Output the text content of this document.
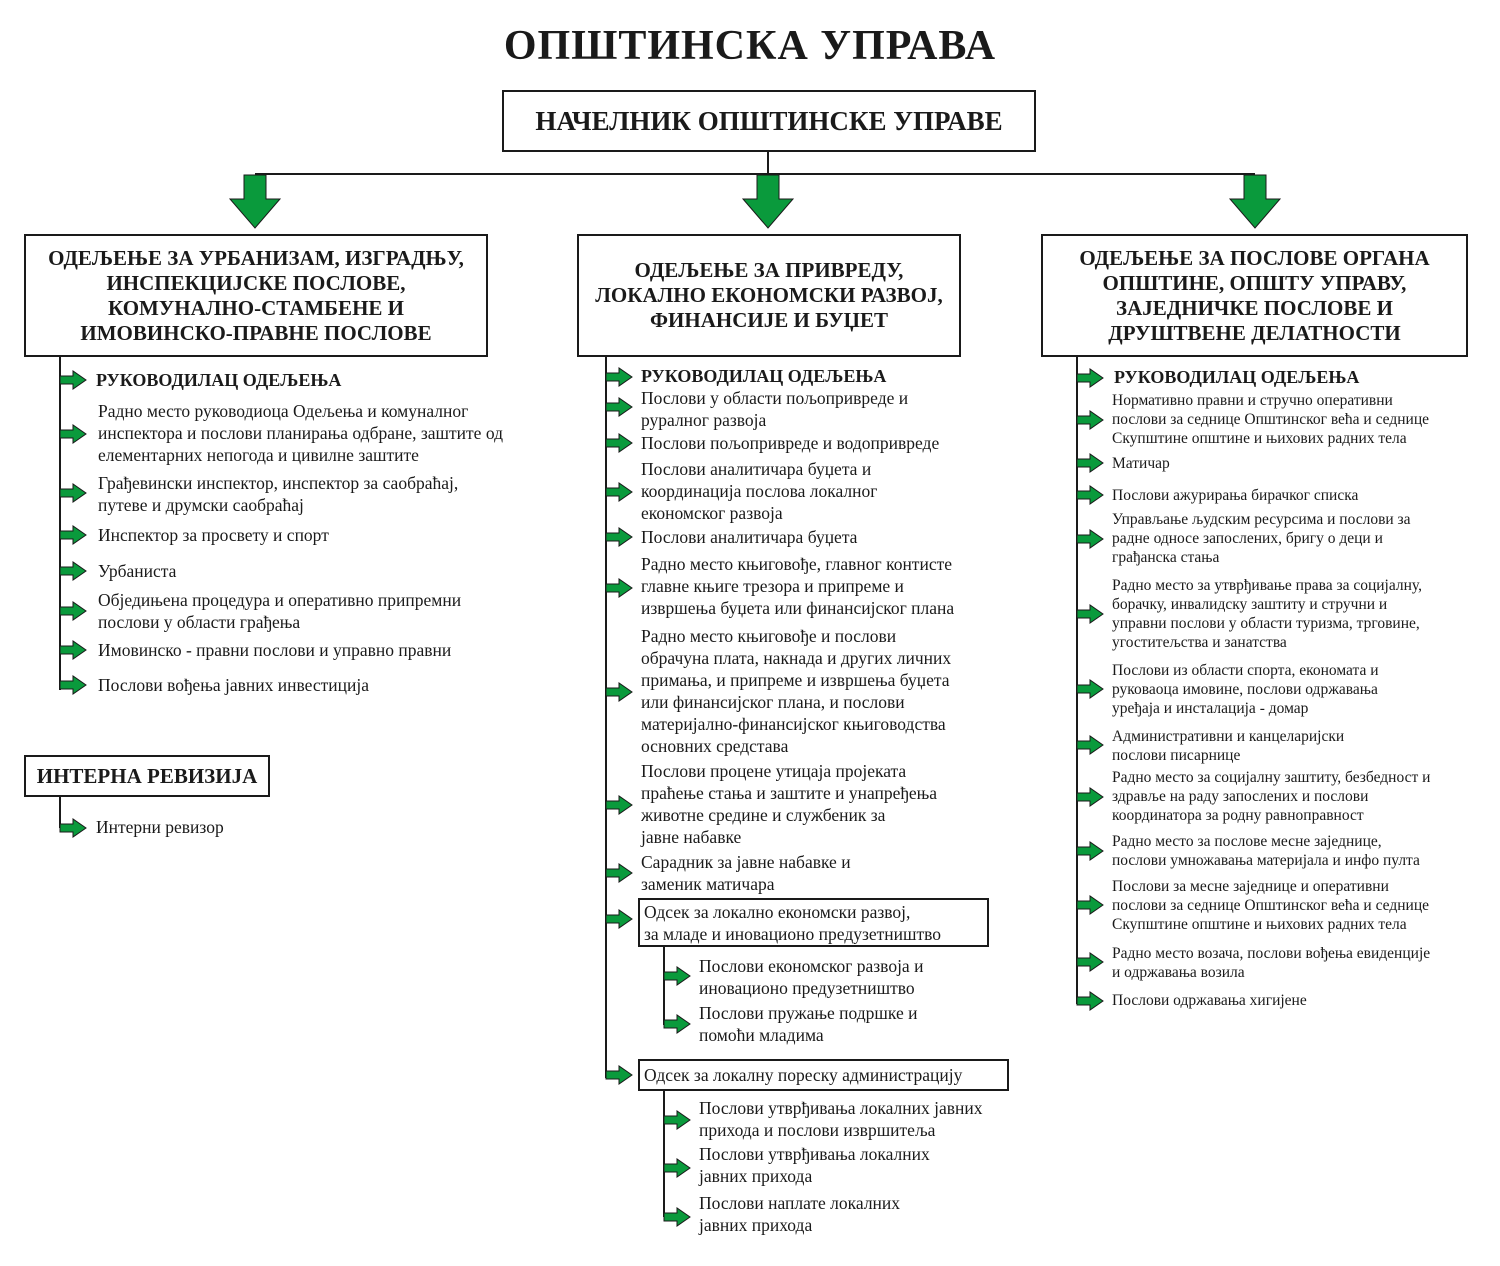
ОПШТИНСКА УПРАВА
НАЧЕЛНИК ОПШТИНСКЕ УПРАВЕ
ОДЕЉЕЊЕ ЗА УРБАНИЗАМ, ИЗГРАДЊУ,
ИНСПЕКЦИЈСКЕ ПОСЛОВЕ,
КОМУНАЛНО-СТАМБЕНЕ И
ИМОВИНСКО-ПРАВНЕ ПОСЛОВЕ
ОДЕЉЕЊЕ ЗА ПРИВРЕДУ,
ЛОКАЛНО ЕКОНОМСКИ РАЗВОЈ,
ФИНАНСИЈЕ И БУЏЕТ
ОДЕЉЕЊЕ ЗА ПОСЛОВЕ ОРГАНА
ОПШТИНЕ, ОПШТУ УПРАВУ,
ЗАЈЕДНИЧКЕ ПОСЛОВЕ И
ДРУШТВЕНЕ ДЕЛАТНОСТИ
ИНТЕРНА РЕВИЗИЈА
Одсек за локално економски развој,
за младе и иновационо предузетништво
Одсек за локалну пореску администрацију
РУКОВОДИЛАЦ ОДЕЉЕЊА
Радно место руководиоца Одељења и комуналног
инспектора и послови планирања одбране, заштите од
елементарних непогода и цивилне заштите
Грађевински инспектор, инспектор за саобраћај,
путеве и друмски саобраћај
Инспектор за просвету и спорт
Урбаниста
Обједињена процедура и оперативно припремни
послови у области грађења
Имовинско - правни послови и управно правни
Послови вођења јавних инвестиција
Интерни ревизор
РУКОВОДИЛАЦ ОДЕЉЕЊА
Послови у области пољопривреде и
руралног развоја
Послови пољопривреде и водопривреде
Послови аналитичара буџета и
координација послова локалног
економског развоја
Послови аналитичара буџета
Радно место књиговође, главног контисте
главне књиге трезора и припреме и
извршења буџета или финансијског плана
Радно место књиговође и послови
обрачуна плата, накнада и других личних
примања, и припреме и извршења буџета
или финансијског плана, и послови
материјално-финансијског књиговодства
основних средстава
Послови процене утицаја пројеката
праћење стања и заштите и унапређења
животне средине и службеник за
јавне набавке
Сарадник за јавне набавке и
заменик матичара
Послови економског развоја и
иновационо предузетништво
Послови пружање подршке и
помоћи младима
Послови утврђивања локалних јавних
прихода и послови извршитеља
Послови утврђивања локалних
јавних прихода
Послови наплате локалних
јавних прихода
РУКОВОДИЛАЦ ОДЕЉЕЊА
Нормативно правни и стручно оперативни
послови за седнице Општинског већа и седнице
Скупштине општине и њихових радних тела
Матичар
Послови ажурирања бирачког списка
Управљање људским ресурсима и послови за
радне односе запослених, бригу о деци и
грађанска стања
Радно место за утврђивање права за социјалну,
борачку, инвалидску заштиту и стручни и
управни послови у области туризма, трговине,
угоститељства и занатства
Послови из области спорта, економата и
руковаоца имовине, послови одржавања
уређаја и инсталација - домар
Административни и канцеларијски
послови писарнице
Радно место за социјалну заштиту, безбедност и
здравље на раду запослених и послови
координатора за родну равноправност
Радно место за послове месне заједнице,
послови умножавања материјала и инфо пулта
Послови за месне заједнице и оперативни
послови за седнице Општинског већа и седнице
Скупштине општине и њихових радних тела
Радно место возача, послови вођења евиденције
и одржавања возила
Послови одржавања хигијене
